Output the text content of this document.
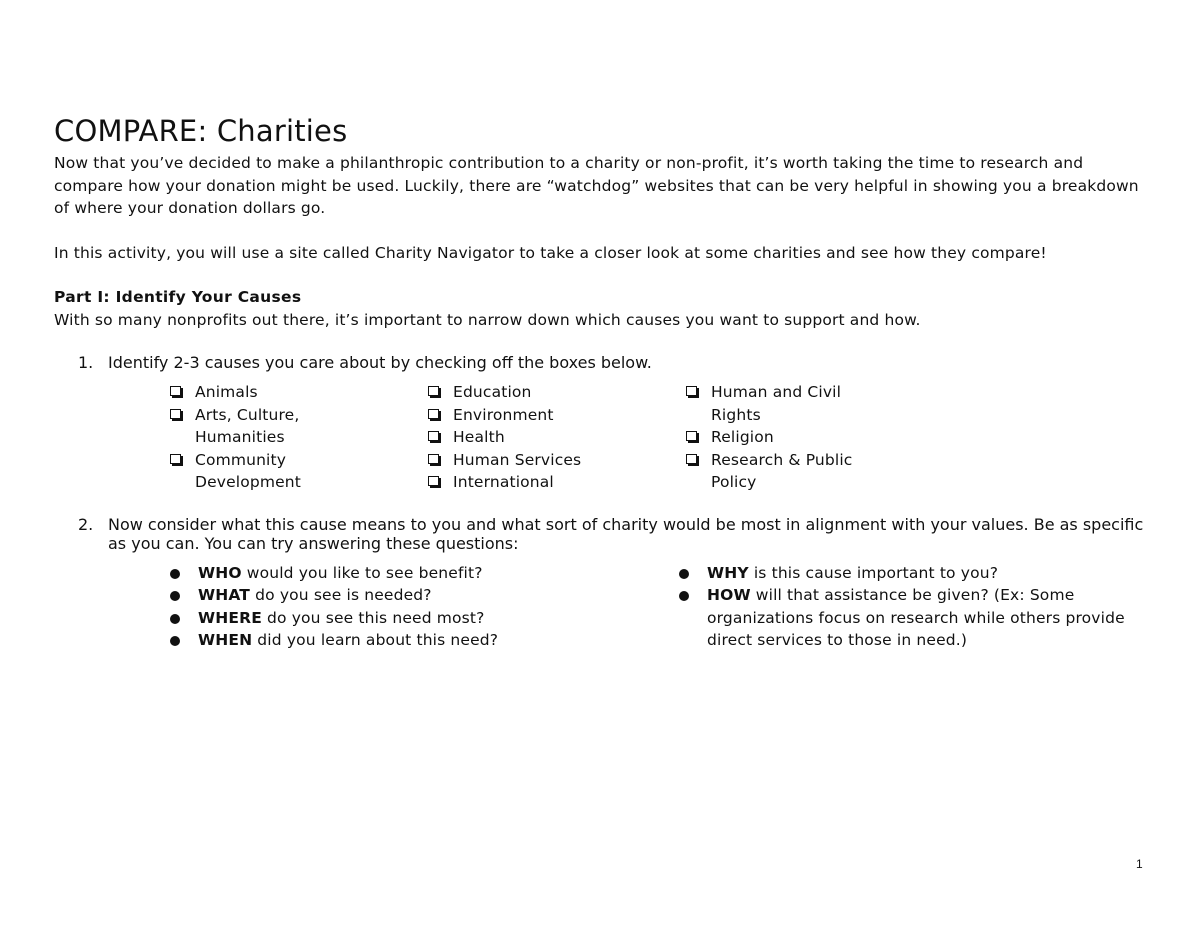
COMPARE: Charities

Now that you’ve decided to make a philanthropic contribution to a charity or non-profit, it’s worth taking the time to research and compare how your donation might be used. Luckily, there are “watchdog” websites that can be very helpful in showing you a breakdown of where your donation dollars go.

In this activity, you will use a site called Charity Navigator to take a closer look at some charities and see how they compare!

Part I: Identify Your Causes

With so many nonprofits out there, it’s important to narrow down which causes you want to support and how.

1. Identify 2-3 causes you care about by checking off the boxes below.
Animals
Arts, Culture, Humanities
Community Development
Education
Environment
Health
Human Services
International
Human and Civil Rights
Religion
Research & Public Policy
2. Now consider what this cause means to you and what sort of charity would be most in alignment with your values. Be as specific as you can. You can try answering these questions:
WHO would you like to see benefit?
WHAT do you see is needed?
WHERE do you see this need most?
WHEN did you learn about this need?
WHY is this cause important to you?
HOW will that assistance be given? (Ex: Some organizations focus on research while others provide direct services to those in need.)
1
